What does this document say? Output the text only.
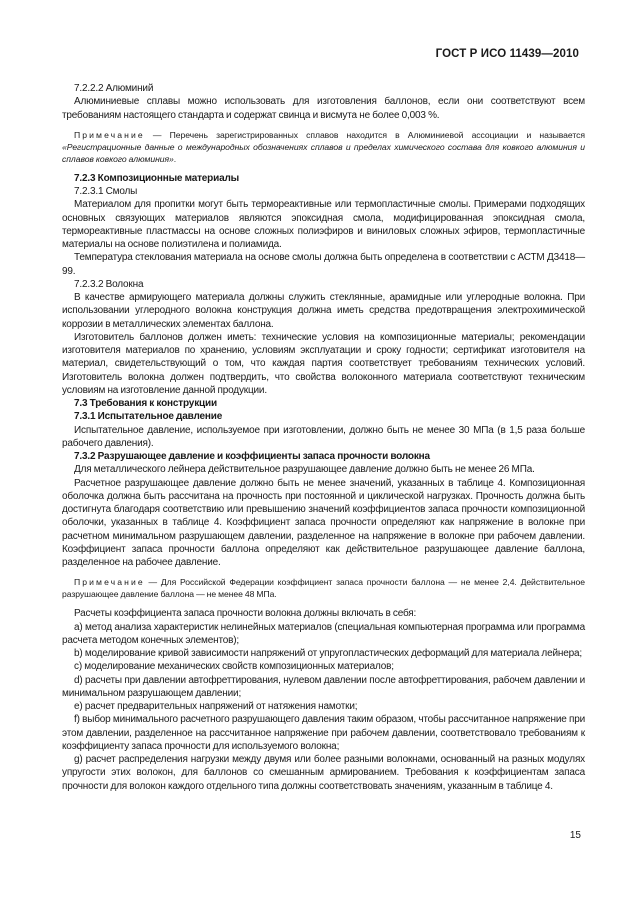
ГОСТ Р ИСО 11439—2010

7.2.2.2 Алюминий

Алюминиевые сплавы можно использовать для изготовления баллонов, если они соответствуют всем требованиям настоящего стандарта и содержат свинца и висмута не более 0,003 %.

Примечание — Перечень зарегистрированных сплавов находится в Алюминиевой ассоциации и называется «Регистрационные данные о международных обозначениях сплавов и пределах химического состава для ковкого алюминия и сплавов ковкого алюминия».

7.2.3 Композиционные материалы

7.2.3.1 Смолы

Материалом для пропитки могут быть термореактивные или термопластичные смолы. Примерами подходящих основных связующих материалов являются эпоксидная смола, модифицированная эпоксидная смола, термореактивные пластмассы на основе сложных полиэфиров и виниловых сложных эфиров, термопластичные материалы на основе полиэтилена и полиамида.

Температура стеклования материала на основе смолы должна быть определена в соответствии с АСТМ Д3418—99.

7.2.3.2 Волокна

В качестве армирующего материала должны служить стеклянные, арамидные или углеродные волокна. При использовании углеродного волокна конструкция должна иметь средства предотвращения электрохимической коррозии в металлических элементах баллона.

Изготовитель баллонов должен иметь: технические условия на композиционные материалы; рекомендации изготовителя материалов по хранению, условиям эксплуатации и сроку годности; сертификат изготовителя на материал, свидетельствующий о том, что каждая партия соответствует требованиям технических условий. Изготовитель волокна должен подтвердить, что свойства волоконного материала соответствуют техническим условиям на изготовление данной продукции.

7.3 Требования к конструкции

7.3.1 Испытательное давление

Испытательное давление, используемое при изготовлении, должно быть не менее 30 МПа (в 1,5 раза больше рабочего давления).

7.3.2 Разрушающее давление и коэффициенты запаса прочности волокна

Для металлического лейнера действительное разрушающее давление должно быть не менее 26 МПа.

Расчетное разрушающее давление должно быть не менее значений, указанных в таблице 4. Композиционная оболочка должна быть рассчитана на прочность при постоянной и циклической нагрузках. Прочность должна быть достигнута благодаря соответствию или превышению значений коэффициентов запаса прочности композиционной оболочки, указанных в таблице 4. Коэффициент запаса прочности определяют как напряжение в волокне при расчетном минимальном разрушающем давлении, разделенное на напряжение в волокне при рабочем давлении. Коэффициент запаса прочности баллона определяют как действительное разрушающее давление баллона, разделенное на рабочее давление.

Примечание — Для Российской Федерации коэффициент запаса прочности баллона — не менее 2,4. Действительное разрушающее давление баллона — не менее 48 МПа.

Расчеты коэффициента запаса прочности волокна должны включать в себя:

а) метод анализа характеристик нелинейных материалов (специальная компьютерная программа или программа расчета методом конечных элементов);

b) моделирование кривой зависимости напряжений от упругопластических деформаций для материала лейнера;

c) моделирование механических свойств композиционных материалов;

d) расчеты при давлении автофреттирования, нулевом давлении после автофреттирования, рабочем давлении и минимальном разрушающем давлении;

e) расчет предварительных напряжений от натяжения намотки;

f) выбор минимального расчетного разрушающего давления таким образом, чтобы рассчитанное напряжение при этом давлении, разделенное на рассчитанное напряжение при рабочем давлении, соответствовало требованиям к коэффициенту запаса прочности для используемого волокна;

g) расчет распределения нагрузки между двумя или более разными волокнами, основанный на разных модулях упругости этих волокон, для баллонов со смешанным армированием. Требования к коэффициентам запаса прочности для волокон каждого отдельного типа должны соответствовать значениям, указанным в таблице 4.

15
